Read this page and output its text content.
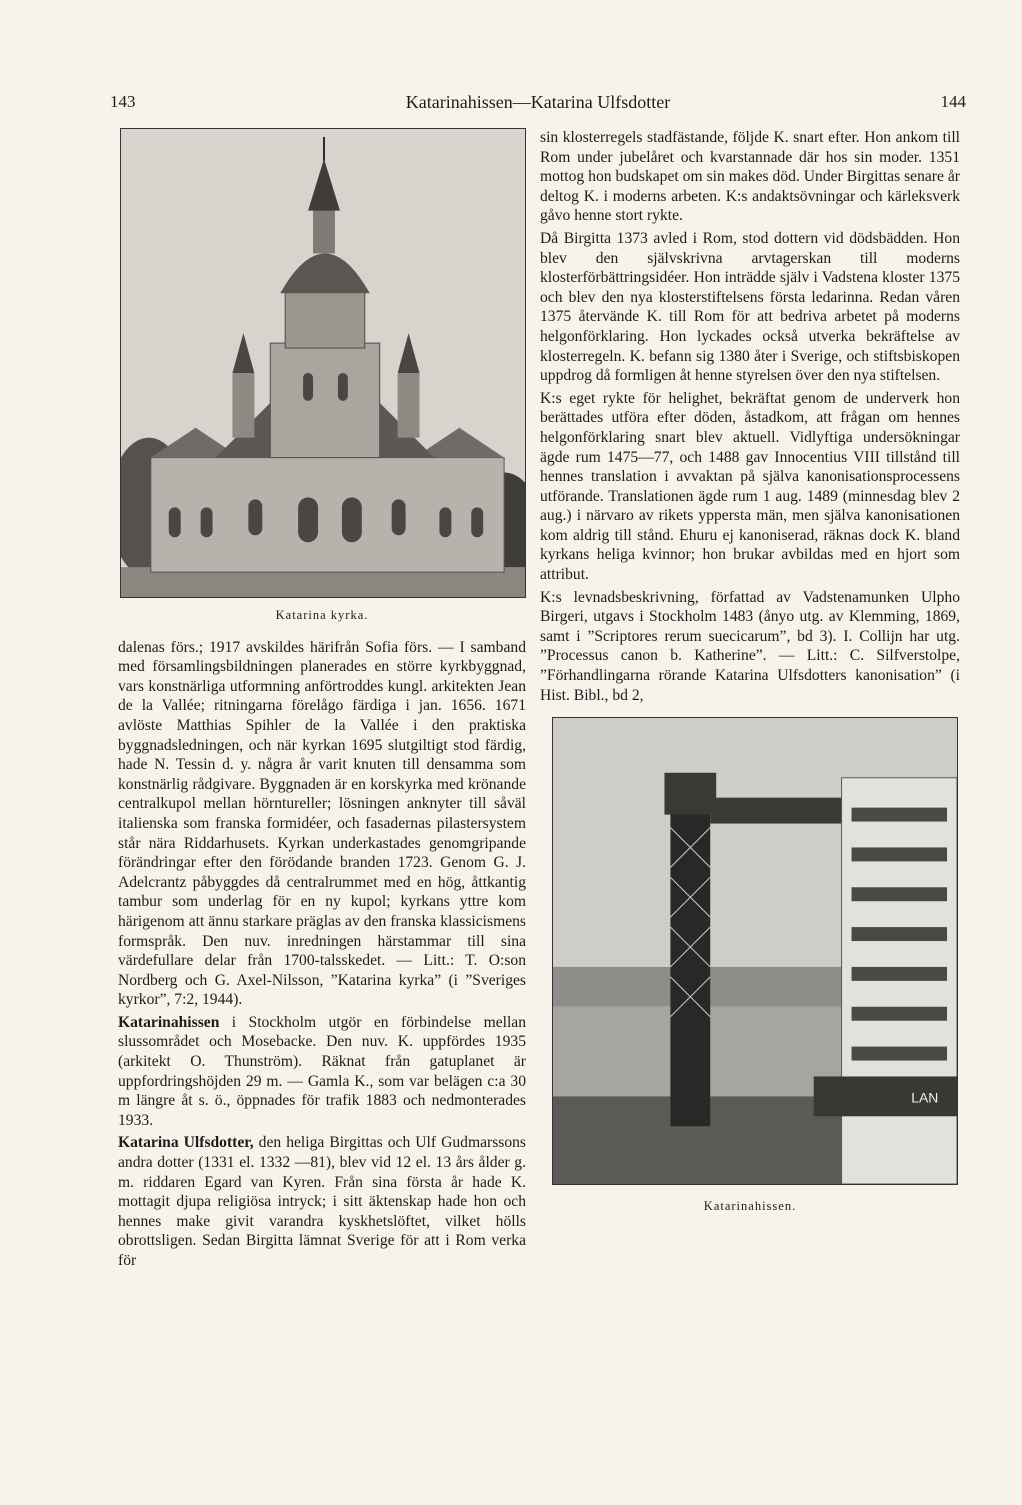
143	Katarinahissen—Katarina Ulfsdotter	144
Katarina kyrka.

dalenas förs.; 1917 avskildes härifrån Sofia förs. — I samband med församlingsbildningen planerades en större kyrkbyggnad, vars konstnärliga utformning anförtroddes kungl. arkitekten Jean de la Vallée; ritningarna förelågo färdiga i jan. 1656. 1671 avlöste Matthias Spihler de la Vallée i den praktiska byggnadsledningen, och när kyrkan 1695 slutgiltigt stod färdig, hade N. Tessin d. y. några år varit knuten till densamma som konstnärlig rådgivare. Byggnaden är en korskyrka med krönande centralkupol mellan hörntureller; lösningen anknyter till såväl italienska som franska formidéer, och fasadernas pilastersystem står nära Riddarhusets. Kyrkan underkastades genomgripande förändringar efter den förödande branden 1723. Genom G. J. Adelcrantz påbyggdes då centralrummet med en hög, åttkantig tambur som underlag för en ny kupol; kyrkans yttre kom härigenom att ännu starkare präglas av den franska klassicismens formspråk. Den nuv. inredningen härstammar till sina värdefullare delar från 1700-talsskedet. — Litt.: T. O:son Nordberg och G. Axel-Nilsson, ”Katarina kyrka” (i ”Sveriges kyrkor”, 7:2, 1944).

Katarinahissen

i Stockholm utgör en förbindelse mellan slussområdet och Mosebacke. Den nuv. K. uppfördes 1935 (arkitekt O. Thunström). Räknat från gatuplanet är uppfordringshöjden 29 m. — Gamla K., som var belägen c:a 30 m längre åt s. ö., öppnades för trafik 1883 och nedmonterades 1933.

Katarina Ulfsdotter,

den heliga Birgittas och Ulf Gudmarssons andra dotter (1331 el. 1332 —81), blev vid 12 el. 13 års ålder g. m. riddaren Egard van Kyren. Från sina första år hade K. mottagit djupa religiösa intryck; i sitt äktenskap hade hon och hennes make givit varandra kyskhetslöftet, vilket hölls obrottsligen. Sedan Birgitta lämnat Sverige för att i Rom verka för

sin klosterregels stadfästande, följde K. snart efter. Hon ankom till Rom under jubelåret och kvarstannade där hos sin moder. 1351 mottog hon budskapet om sin makes död. Under Birgittas senare år deltog K. i moderns arbeten. K:s andaktsövningar och kärleksverk gåvo henne stort rykte.

Då Birgitta 1373 avled i Rom, stod dottern vid dödsbädden. Hon blev den självskrivna arvtagerskan till moderns klosterförbättringsidéer. Hon inträdde själv i Vadstena kloster 1375 och blev den nya klosterstiftelsens första ledarinna. Redan våren 1375 återvände K. till Rom för att bedriva arbetet på moderns helgonförklaring. Hon lyckades också utverka bekräftelse av klosterregeln. K. befann sig 1380 åter i Sverige, och stiftsbiskopen uppdrog då formligen åt henne styrelsen över den nya stiftelsen.

K:s eget rykte för helighet, bekräftat genom de underverk hon berättades utföra efter döden, åstadkom, att frågan om hennes helgonförklaring snart blev aktuell. Vidlyftiga undersökningar ägde rum 1475—77, och 1488 gav Innocentius VIII tillstånd till hennes translation i avvaktan på själva kanonisationsprocessens utförande. Translationen ägde rum 1 aug. 1489 (minnesdag blev 2 aug.) i närvaro av rikets yppersta män, men själva kanonisationen kom aldrig till stånd. Ehuru ej kanoniserad, räknas dock K. bland kyrkans heliga kvinnor; hon brukar avbildas med en hjort som attribut.

K:s levnadsbeskrivning, författad av Vadstenamunken Ulpho Birgeri, utgavs i Stockholm 1483 (ånyo utg. av Klemming, 1869, samt i ”Scriptores rerum suecicarum”, bd 3). I. Collijn har utg. ”Processus canon b. Katherine”. — Litt.: C. Silfverstolpe, ”Förhandlingarna rörande Katarina Ulfsdotters kanonisation” (i Hist. Bibl., bd 2,

LAN
Katarinahissen.
